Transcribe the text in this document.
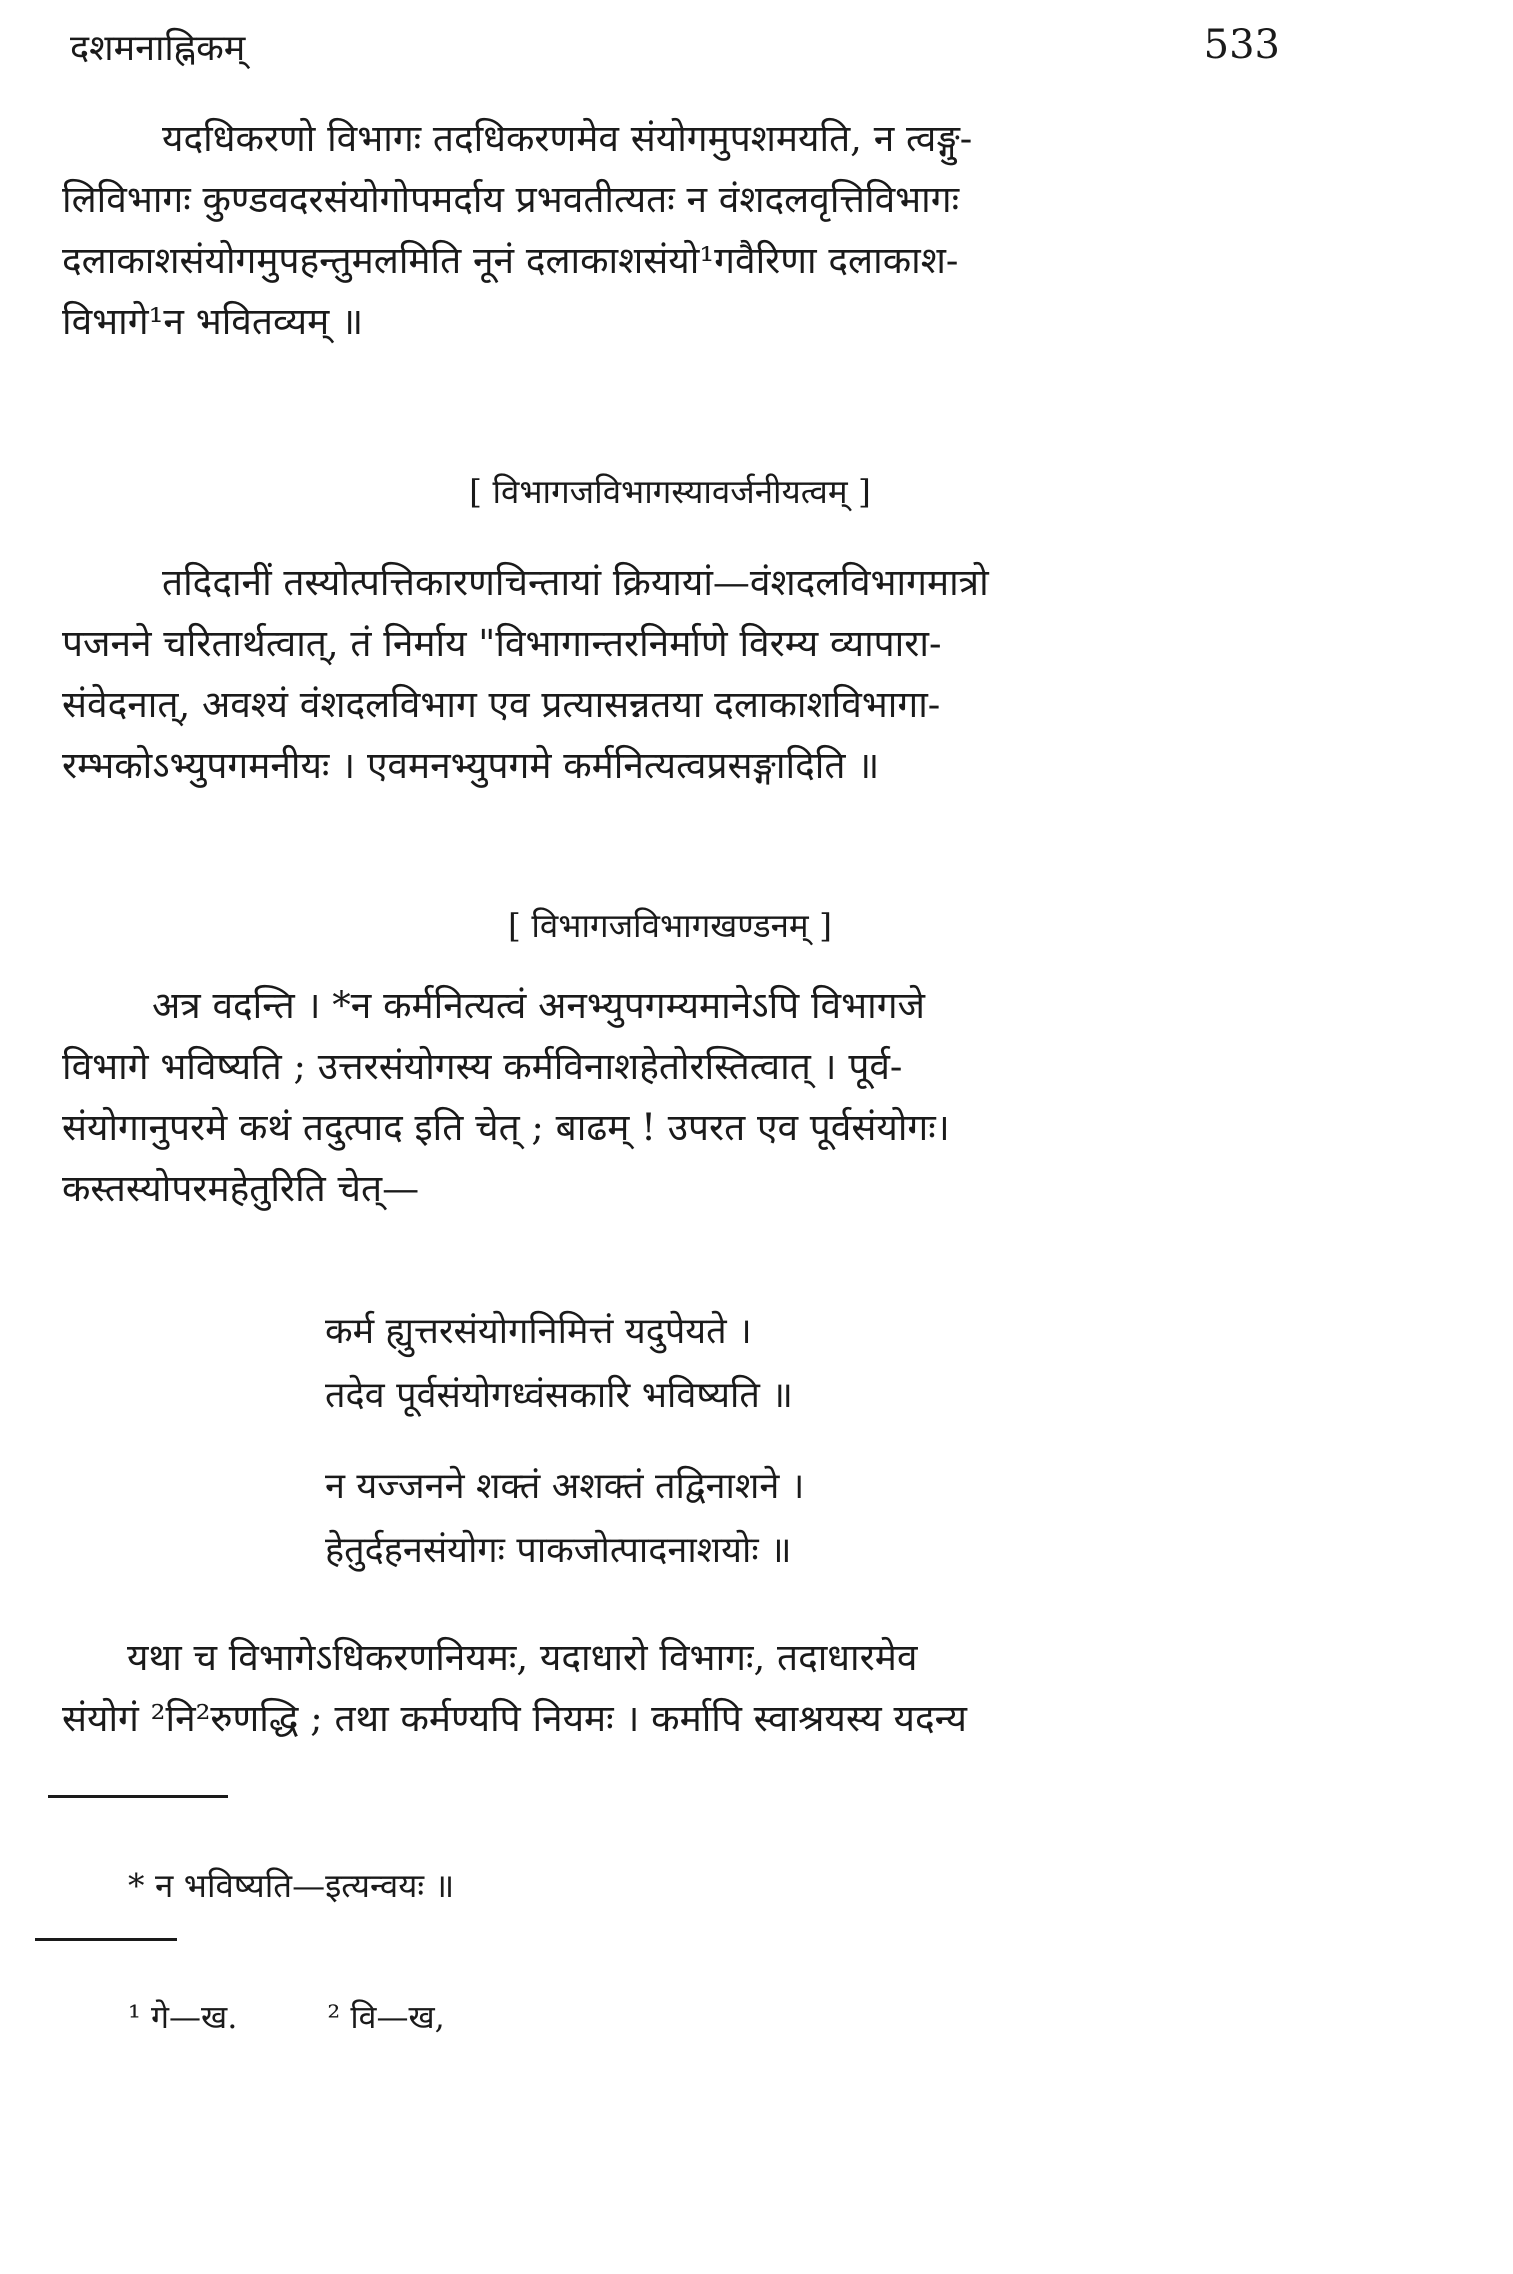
दशमनाह्निकम्	533
यदधिकरणो विभागः तदधिकरणमेव संयोगमुपशमयति, न त्वङ्गु-
लिविभागः कुण्डवदरसंयोगोपमर्दाय प्रभवतीत्यतः न वंशदलवृत्तिविभागः
दलाकाशसंयोगमुपहन्तुमलमिति नूनं दलाकाशसंयो¹गवैरिणा दलाकाश-
विभागे¹न भवितव्यम् ॥
[ विभागजविभागस्यावर्जनीयत्वम् ]
तदिदानीं तस्योत्पत्तिकारणचिन्तायां क्रियायां—वंशदलविभागमात्रो
पजनने चरितार्थत्वात्, तं निर्माय "विभागान्तरनिर्माणे विरम्य व्यापारा-
संवेदनात्, अवश्यं वंशदलविभाग एव प्रत्यासन्नतया दलाकाशविभागा-
रम्भकोऽभ्युपगमनीयः । एवमनभ्युपगमे कर्मनित्यत्वप्रसङ्गादिति ॥
[ विभागजविभागखण्डनम् ]
अत्र वदन्ति । *न कर्मनित्यत्वं अनभ्युपगम्यमानेऽपि विभागजे
विभागे भविष्यति ; उत्तरसंयोगस्य कर्मविनाशहेतोरस्तित्वात् । पूर्व-
संयोगानुपरमे कथं तदुत्पाद इति चेत् ; बाढम् ! उपरत एव पूर्वसंयोगः।
कस्तस्योपरमहेतुरिति चेत्—
कर्म ह्युत्तरसंयोगनिमित्तं यदुपेयते ।
तदेव पूर्वसंयोगध्वंसकारि भविष्यति ॥
न यज्जनने शक्तं अशक्तं तद्विनाशने ।
हेतुर्दहनसंयोगः पाकजोत्पादनाशयोः ॥
यथा च विभागेऽधिकरणनियमः, यदाधारो विभागः, तदाधारमेव
संयोगं ²नि²रुणद्धि ; तथा कर्मण्यपि नियमः । कर्मापि स्वाश्रयस्य यदन्य
* न भविष्यति—इत्यन्वयः ॥
¹ गे—ख.	² वि—ख,
